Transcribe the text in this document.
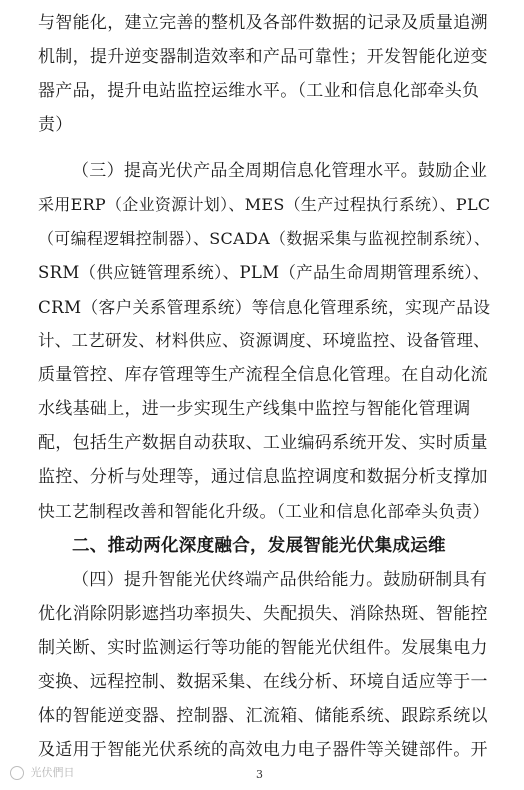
与智能化，建立完善的整机及各部件数据的记录及质量追溯
机制，提升逆变器制造效率和产品可靠性；开发智能化逆变
器产品，提升电站监控运维水平。（工业和信息化部牵头负
责）
（三）提高光伏产品全周期信息化管理水平。鼓励企业
采用ERP（企业资源计划）、MES（生产过程执行系统）、PLC
（可编程逻辑控制器）、SCADA（数据采集与监视控制系统）、
SRM（供应链管理系统）、PLM（产品生命周期管理系统）、
CRM（客户关系管理系统）等信息化管理系统，实现产品设
计、工艺研发、材料供应、资源调度、环境监控、设备管理、
质量管控、库存管理等生产流程全信息化管理。在自动化流
水线基础上，进一步实现生产线集中监控与智能化管理调
配，包括生产数据自动获取、工业编码系统开发、实时质量
监控、分析与处理等，通过信息监控调度和数据分析支撑加
快工艺制程改善和智能化升级。（工业和信息化部牵头负责）
二、推动两化深度融合，发展智能光伏集成运维
（四）提升智能光伏终端产品供给能力。鼓励研制具有
优化消除阴影遮挡功率损失、失配损失、消除热斑、智能控
制关断、实时监测运行等功能的智能光伏组件。发展集电力
变换、远程控制、数据采集、在线分析、环境自适应等于一
体的智能逆变器、控制器、汇流箱、储能系统、跟踪系统以
及适用于智能光伏系统的高效电力电子器件等关键部件。开
光伏們日	3
